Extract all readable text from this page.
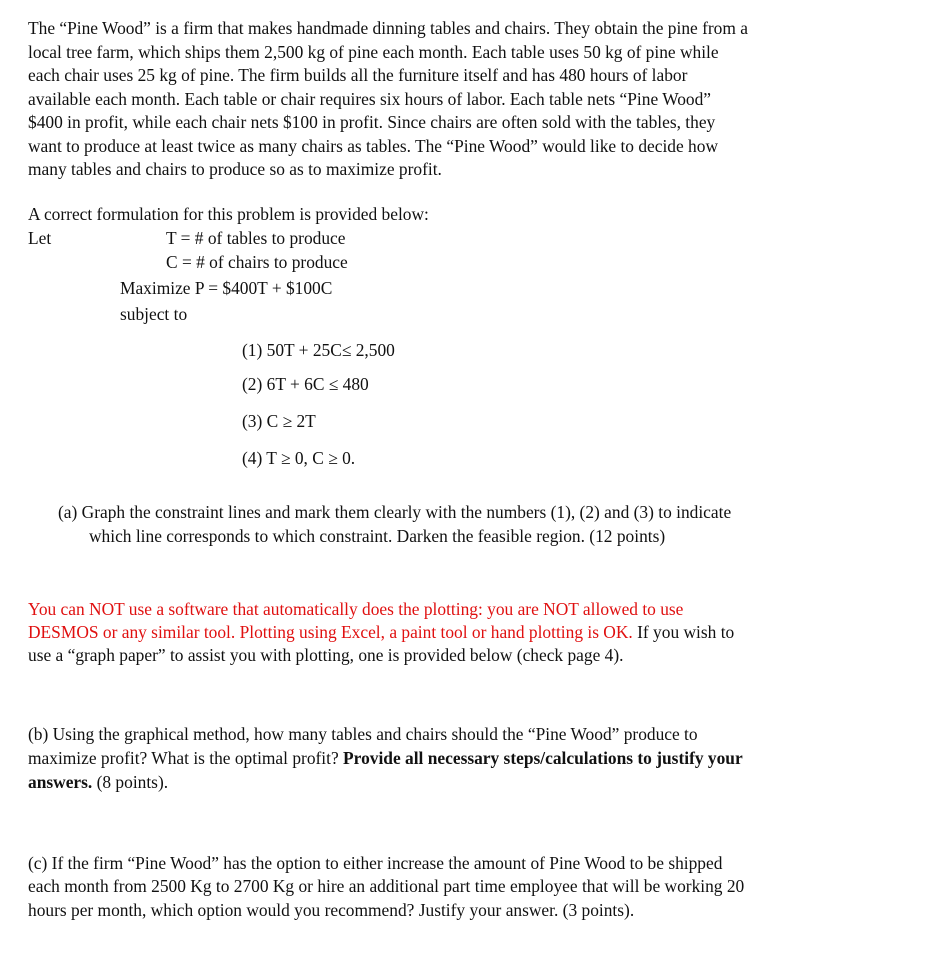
The “Pine Wood” is a firm that makes handmade dinning tables and chairs. They obtain the pine from a
local tree farm, which ships them 2,500 kg of pine each month. Each table uses 50 kg of pine while
each chair uses 25 kg of pine. The firm builds all the furniture itself and has 480 hours of labor
available each month. Each table or chair requires six hours of labor. Each table nets “Pine Wood”
$400 in profit, while each chair nets $100 in profit. Since chairs are often sold with the tables, they
want to produce at least twice as many chairs as tables. The “Pine Wood” would like to decide how
many tables and chairs to produce so as to maximize profit.

A correct formulation for this problem is provided below:

Let	T = # of tables to produce

C = # of chairs to produce

Maximize P = $400T + $100C

subject to

(1) 50T + 25C≤ 2,500

(2) 6T + 6C ≤ 480

(3) C ≥ 2T

(4) T ≥ 0, C ≥ 0.

(a) Graph the constraint lines and mark them clearly with the numbers (1), (2) and (3) to indicate

which line corresponds to which constraint. Darken the feasible region. (12 points)

You can NOT use a software that automatically does the plotting: you are NOT allowed to use

DESMOS or any similar tool. Plotting using Excel, a paint tool or hand plotting is OK. If you wish to

use a “graph paper” to assist you with plotting, one is provided below (check page 4).

(b) Using the graphical method, how many tables and chairs should the “Pine Wood” produce to

maximize profit? What is the optimal profit? Provide all necessary steps/calculations to justify your

answers. (8 points).

(c) If the firm “Pine Wood” has the option to either increase the amount of Pine Wood to be shipped

each month from 2500 Kg to 2700 Kg or hire an additional part time employee that will be working 20

hours per month, which option would you recommend? Justify your answer. (3 points).
